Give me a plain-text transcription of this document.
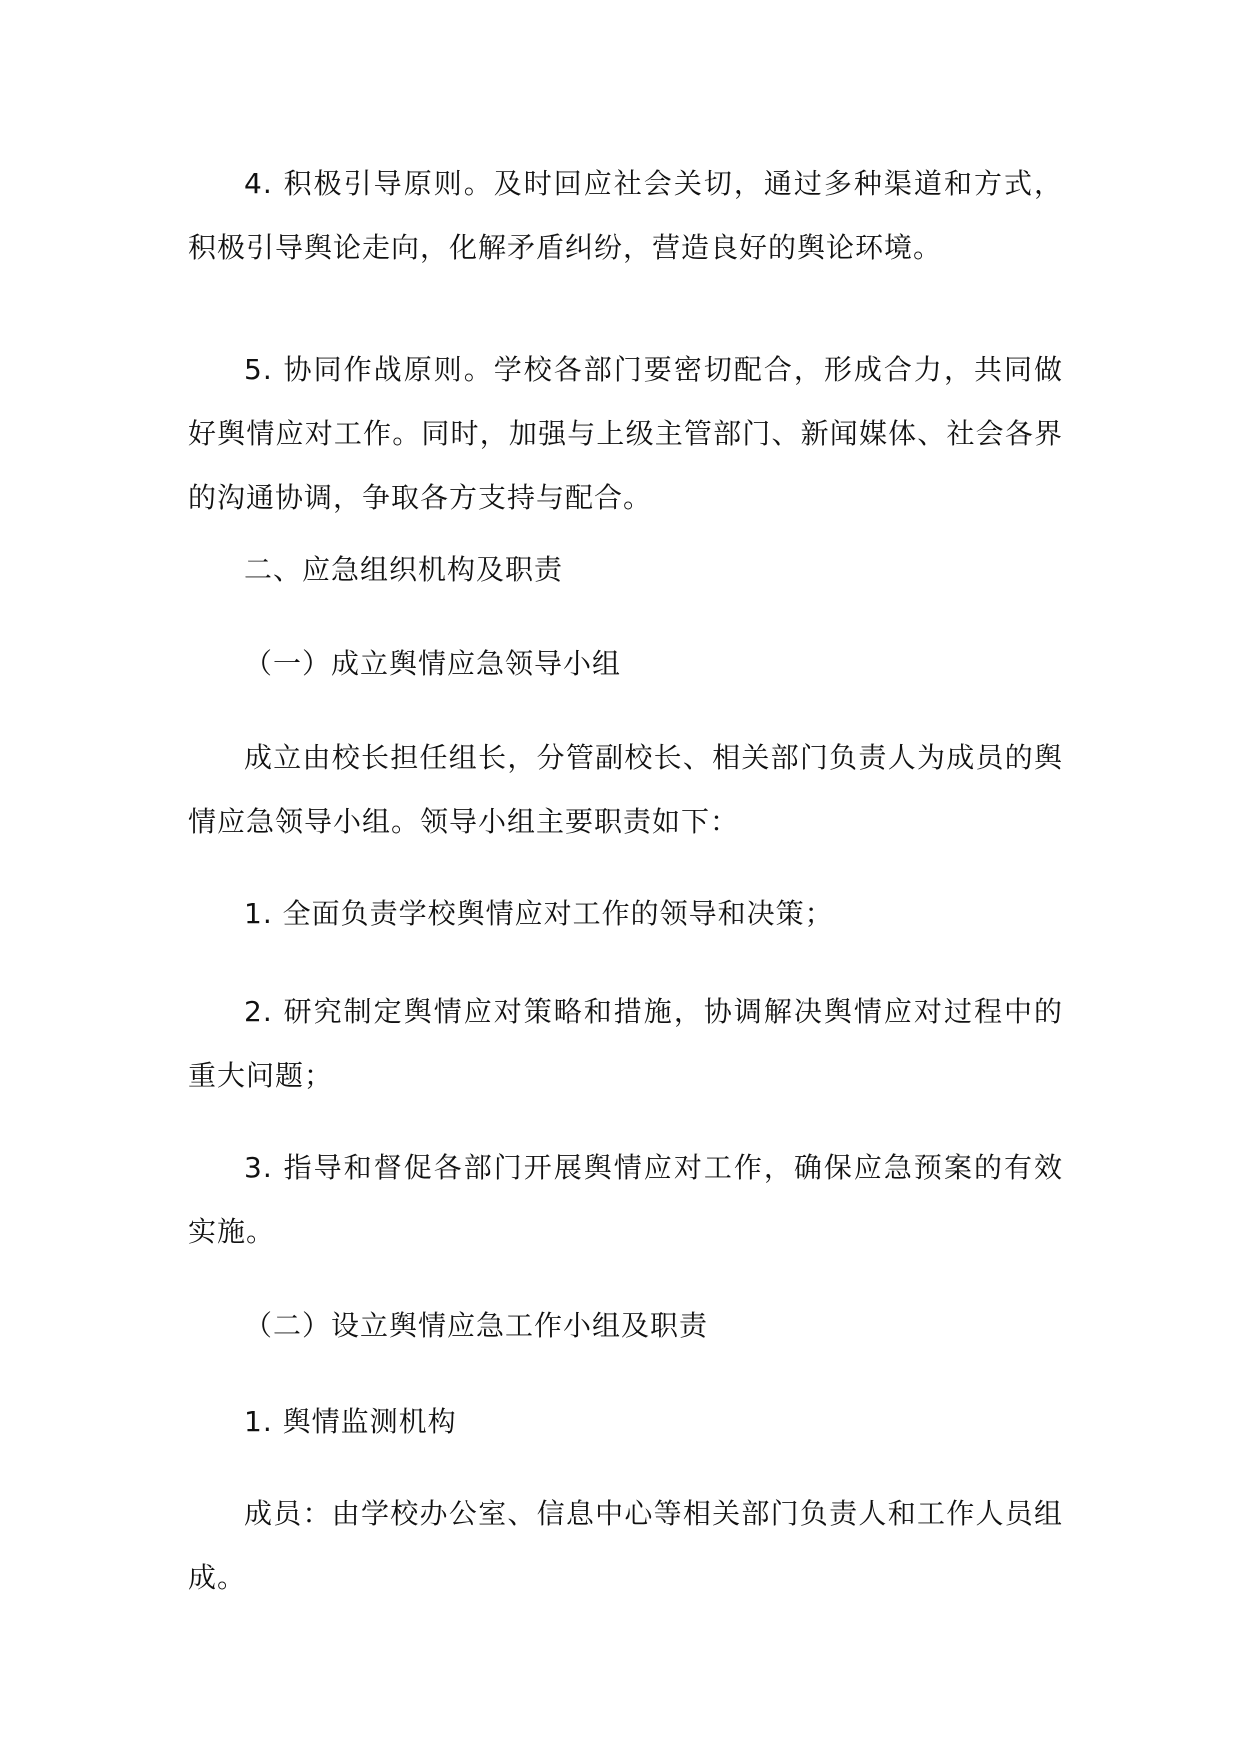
4. 积极引导原则。及时回应社会关切，通过多种渠道和方式，积极引导舆论走向，化解矛盾纠纷，营造良好的舆论环境。

5. 协同作战原则。学校各部门要密切配合，形成合力，共同做好舆情应对工作。同时，加强与上级主管部门、新闻媒体、社会各界的沟通协调，争取各方支持与配合。

二、应急组织机构及职责

（一）成立舆情应急领导小组

成立由校长担任组长，分管副校长、相关部门负责人为成员的舆情应急领导小组。领导小组主要职责如下：

1. 全面负责学校舆情应对工作的领导和决策；

2. 研究制定舆情应对策略和措施，协调解决舆情应对过程中的重大问题；

3. 指导和督促各部门开展舆情应对工作，确保应急预案的有效实施。

（二）设立舆情应急工作小组及职责

1. 舆情监测机构

成员：由学校办公室、信息中心等相关部门负责人和工作人员组成。
